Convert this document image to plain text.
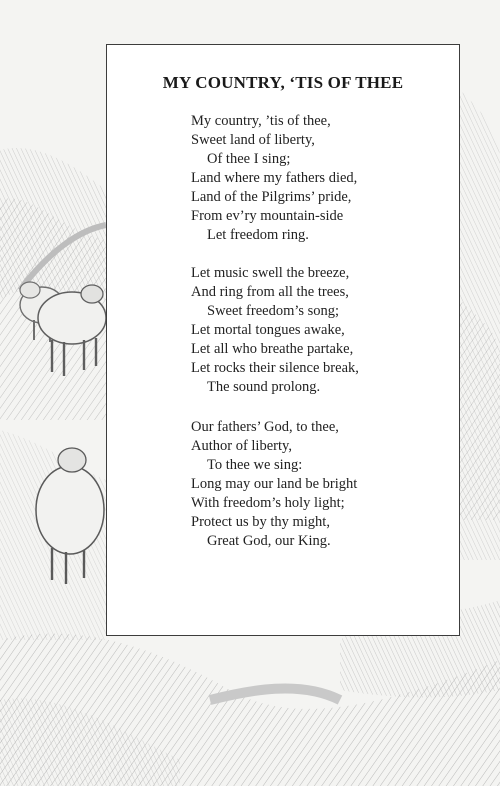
MY COUNTRY, ‘TIS OF THEE
My country, ’tis of thee,
Sweet land of liberty,
Of thee I sing;
Land where my fathers died,
Land of the Pilgrims’ pride,
From ev’ry mountain-side
Let freedom ring.
Let music swell the breeze,
And ring from all the trees,
Sweet freedom’s song;
Let mortal tongues awake,
Let all who breathe partake,
Let rocks their silence break,
The sound prolong.
Our fathers’ God, to thee,
Author of liberty,
To thee we sing:
Long may our land be bright
With freedom’s holy light;
Protect us by thy might,
Great God, our King.
